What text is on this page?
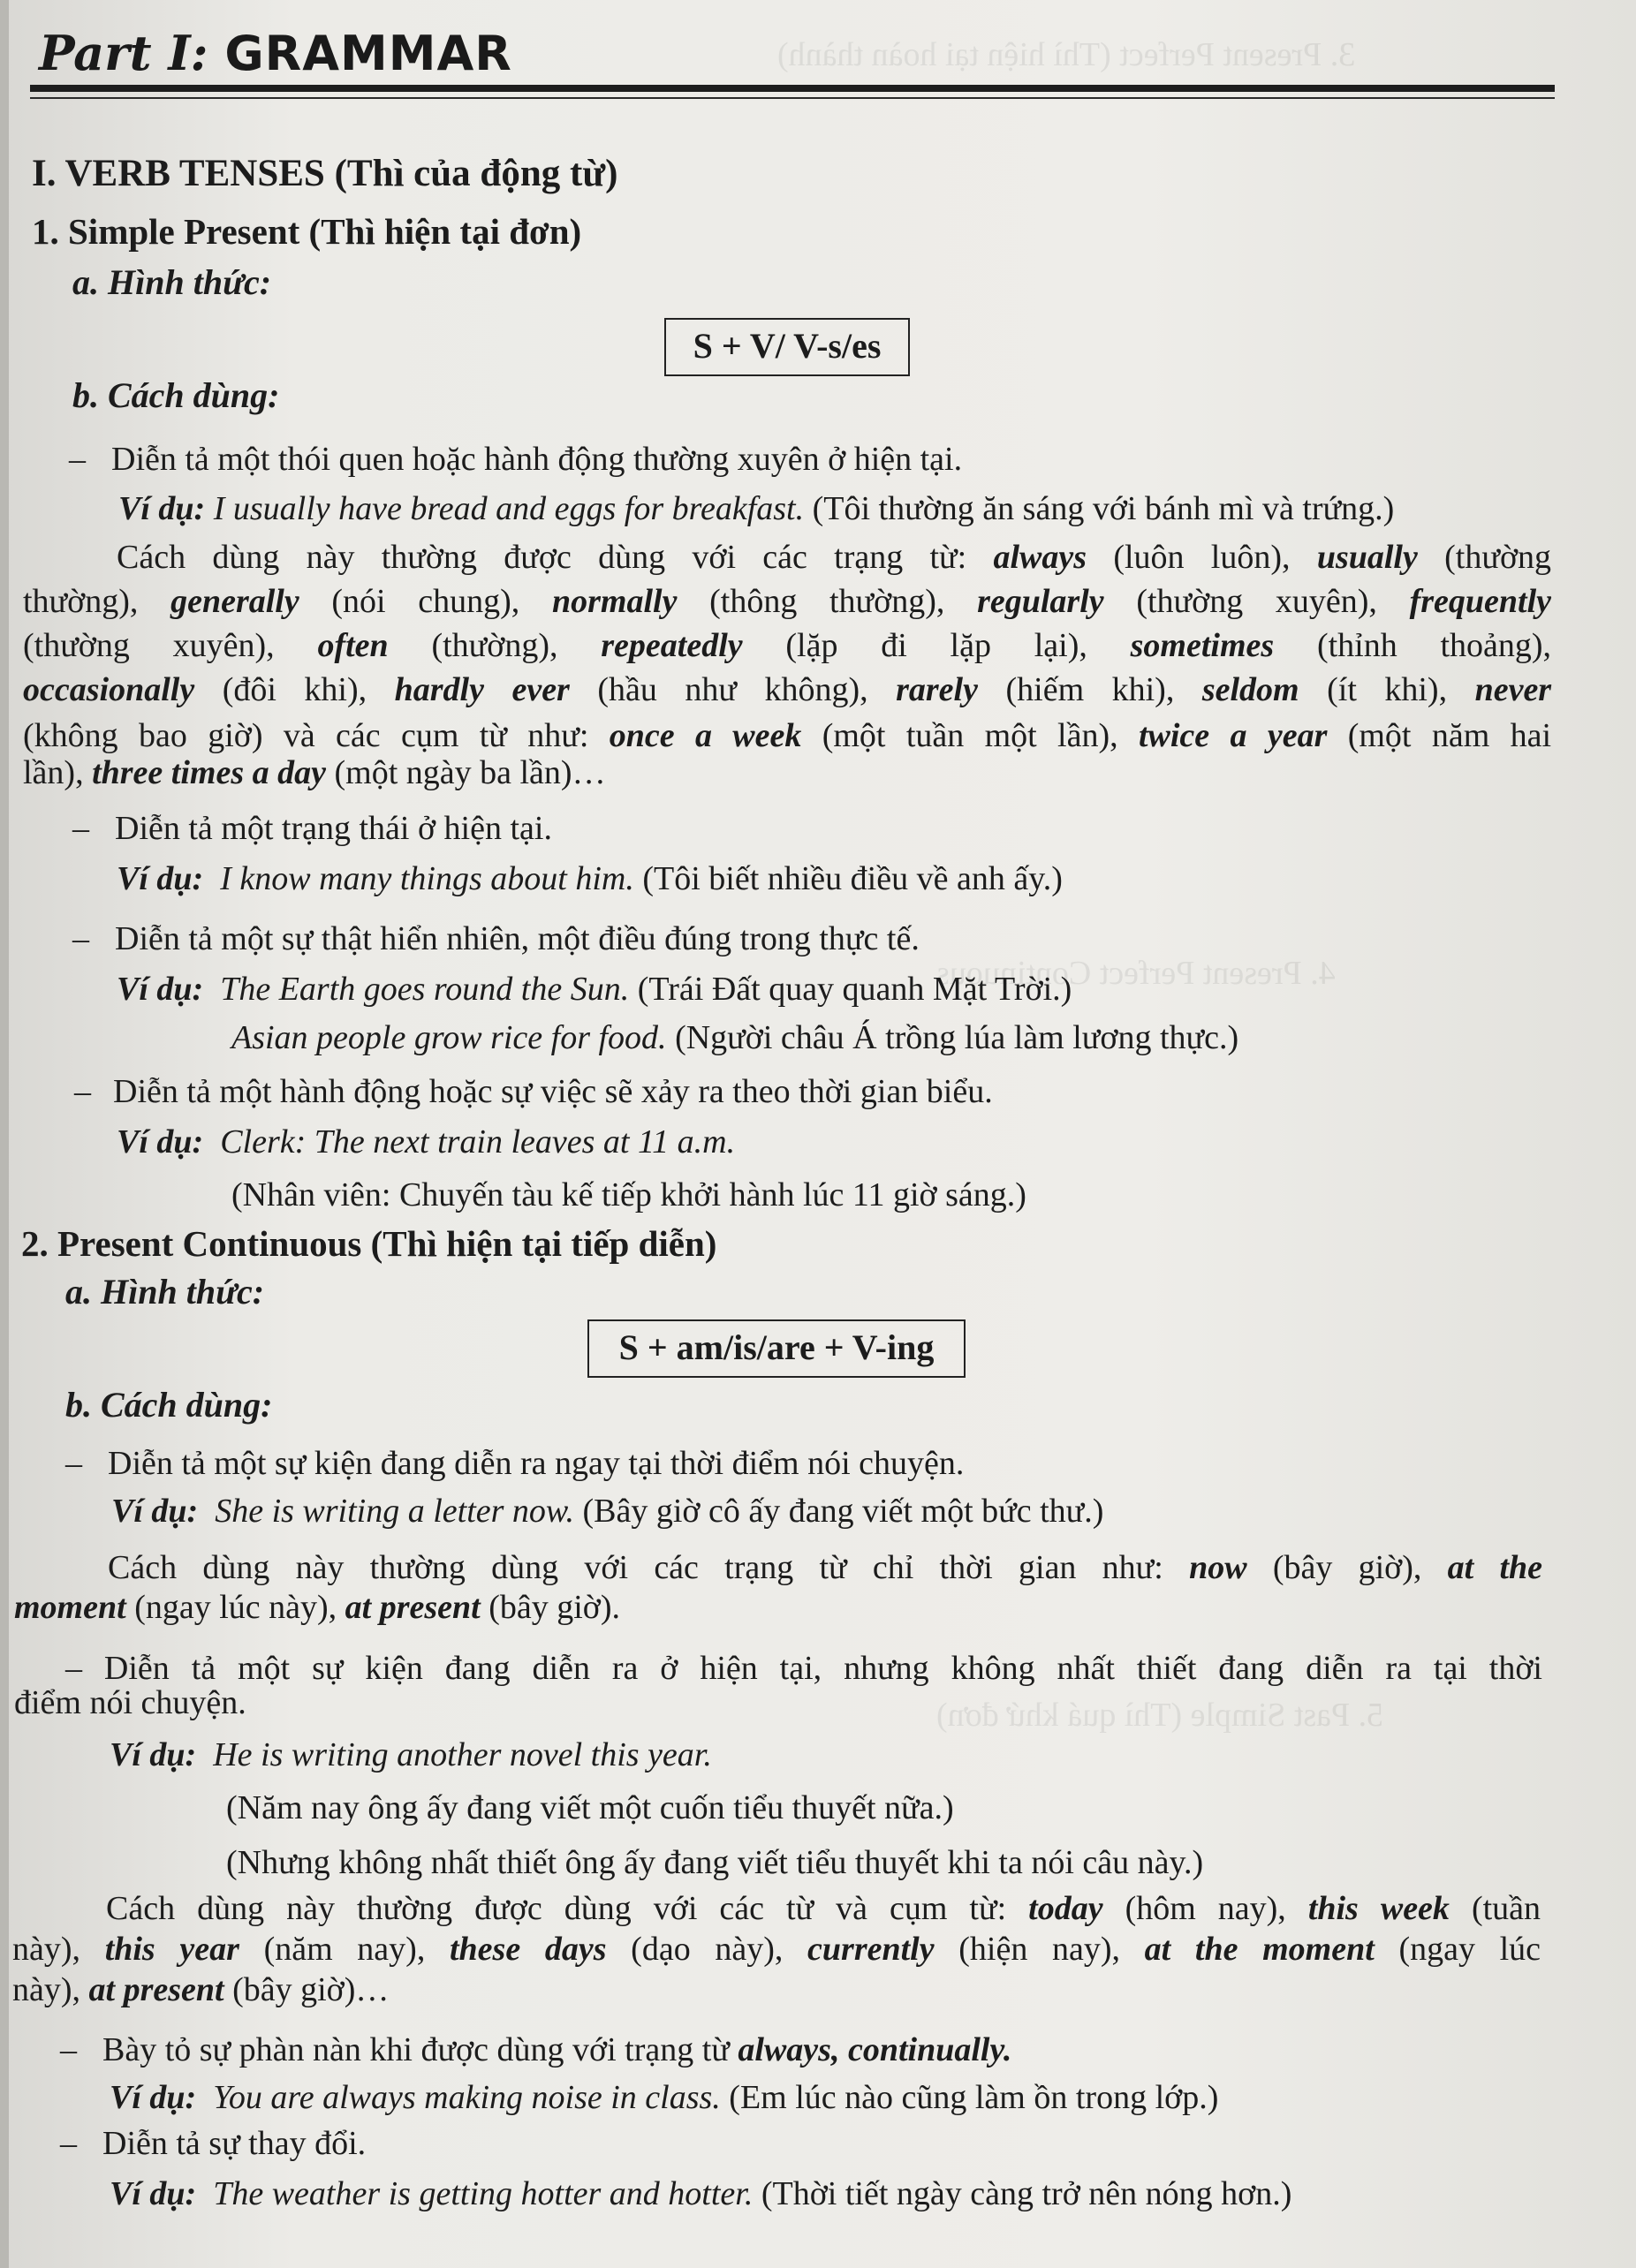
3. Present Perfect (Thì hiện tại hoàn thành)
4. Present Perfect Continuous
5. Past Simple (Thì quá khứ đơn)
Part I: GRAMMAR
I. VERB TENSES (Thì của động từ)
1. Simple Present (Thì hiện tại đơn)
a. Hình thức:
S + V/ V-s/es
b. Cách dùng:
– Diễn tả một thói quen hoặc hành động thường xuyên ở hiện tại.
Ví dụ: I usually have bread and eggs for breakfast. (Tôi thường ăn sáng với bánh mì và trứng.)
Cách dùng này thường được dùng với các trạng từ: always (luôn luôn), usually (thường
thường), generally (nói chung), normally (thông thường), regularly (thường xuyên), frequently
(thường xuyên), often (thường), repeatedly (lặp đi lặp lại), sometimes (thỉnh thoảng),
occasionally (đôi khi), hardly ever (hầu như không), rarely (hiếm khi), seldom (ít khi), never
(không bao giờ) và các cụm từ như: once a week (một tuần một lần), twice a year (một năm hai
lần), three times a day (một ngày ba lần)…
– Diễn tả một trạng thái ở hiện tại.
Ví dụ: I know many things about him. (Tôi biết nhiều điều về anh ấy.)
– Diễn tả một sự thật hiển nhiên, một điều đúng trong thực tế.
Ví dụ: The Earth goes round the Sun. (Trái Đất quay quanh Mặt Trời.)
Asian people grow rice for food. (Người châu Á trồng lúa làm lương thực.)
– Diễn tả một hành động hoặc sự việc sẽ xảy ra theo thời gian biểu.
Ví dụ: Clerk: The next train leaves at 11 a.m.
(Nhân viên: Chuyến tàu kế tiếp khởi hành lúc 11 giờ sáng.)
2. Present Continuous (Thì hiện tại tiếp diễn)
a. Hình thức:
S + am/is/are + V-ing
b. Cách dùng:
– Diễn tả một sự kiện đang diễn ra ngay tại thời điểm nói chuyện.
Ví dụ: She is writing a letter now. (Bây giờ cô ấy đang viết một bức thư.)
Cách dùng này thường dùng với các trạng từ chỉ thời gian như: now (bây giờ), at the
moment (ngay lúc này), at present (bây giờ).
– Diễn tả một sự kiện đang diễn ra ở hiện tại, nhưng không nhất thiết đang diễn ra tại thời
điểm nói chuyện.
Ví dụ: He is writing another novel this year.
(Năm nay ông ấy đang viết một cuốn tiểu thuyết nữa.)
(Nhưng không nhất thiết ông ấy đang viết tiểu thuyết khi ta nói câu này.)
Cách dùng này thường được dùng với các từ và cụm từ: today (hôm nay), this week (tuần
này), this year (năm nay), these days (dạo này), currently (hiện nay), at the moment (ngay lúc
này), at present (bây giờ)…
– Bày tỏ sự phàn nàn khi được dùng với trạng từ always, continually.
Ví dụ: You are always making noise in class. (Em lúc nào cũng làm ồn trong lớp.)
– Diễn tả sự thay đổi.
Ví dụ: The weather is getting hotter and hotter. (Thời tiết ngày càng trở nên nóng hơn.)
